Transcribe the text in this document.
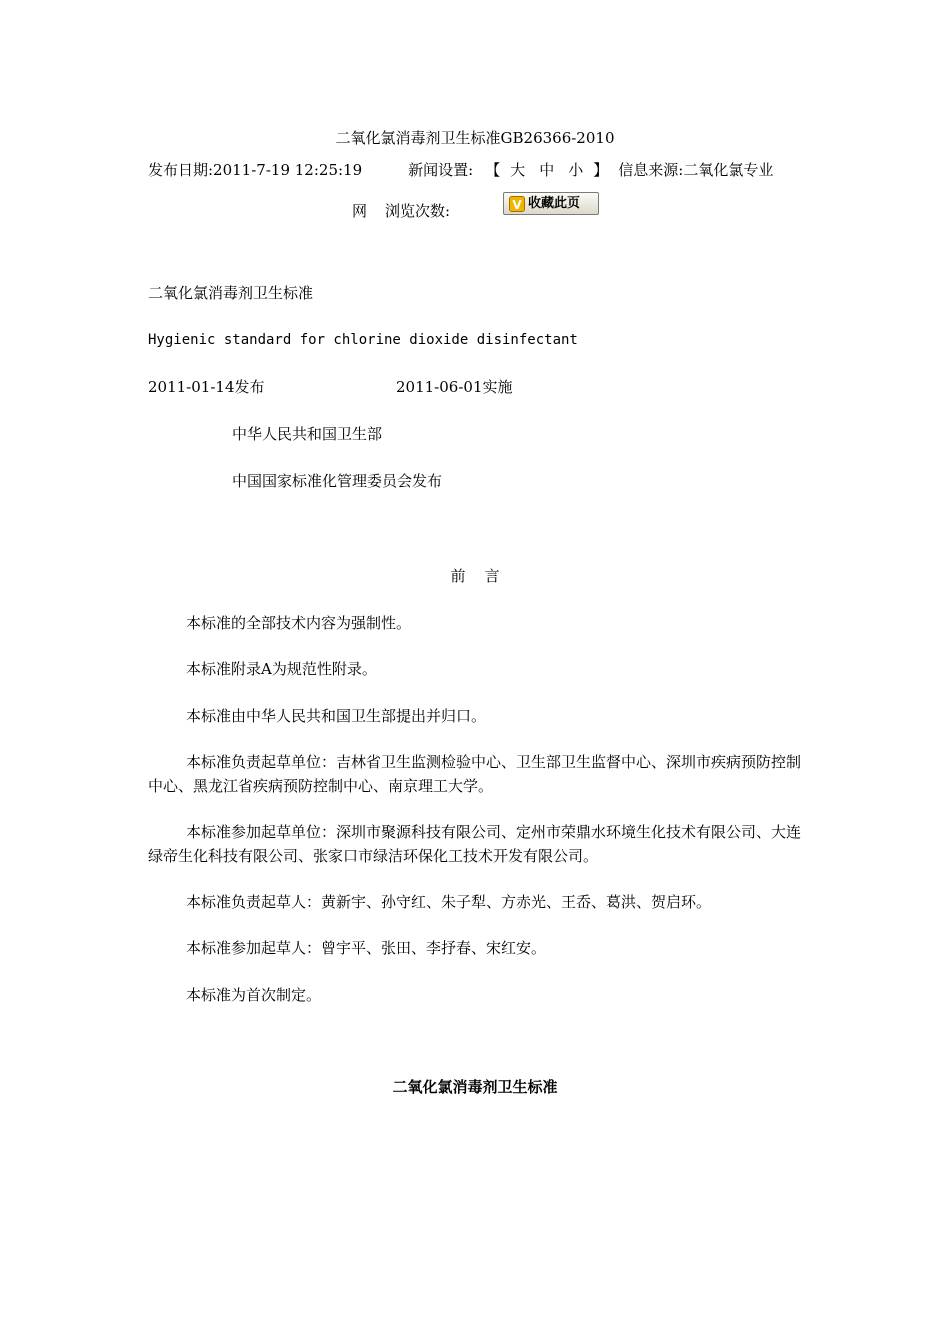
二氧化氯消毒剂卫生标准GB26366-2010
发布日期:2011-7-19 12:25:19	新闻设置: 【 大 中 小 】 信息来源:二氧化氯专业
网 浏览次数:	V 收藏此页
二氧化氯消毒剂卫生标准
Hygienic standard for chlorine dioxide disinfectant
2011-01-14发布	2011-06-01实施
中华人民共和国卫生部
中国国家标准化管理委员会发布
前    言
本标准的全部技术内容为强制性。
本标准附录A为规范性附录。
本标准由中华人民共和国卫生部提出并归口。
本标准负责起草单位：吉林省卫生监测检验中心、卫生部卫生监督中心、深圳市疾病预防控制中心、黑龙江省疾病预防控制中心、南京理工大学。
本标准参加起草单位：深圳市聚源科技有限公司、定州市荣鼎水环境生化技术有限公司、大连绿帝生化科技有限公司、张家口市绿洁环保化工技术开发有限公司。
本标准负责起草人：黄新宇、孙守红、朱子犁、方赤光、王岙、葛洪、贺启环。
本标准参加起草人：曾宇平、张田、李抒春、宋红安。
本标准为首次制定。
二氧化氯消毒剂卫生标准
